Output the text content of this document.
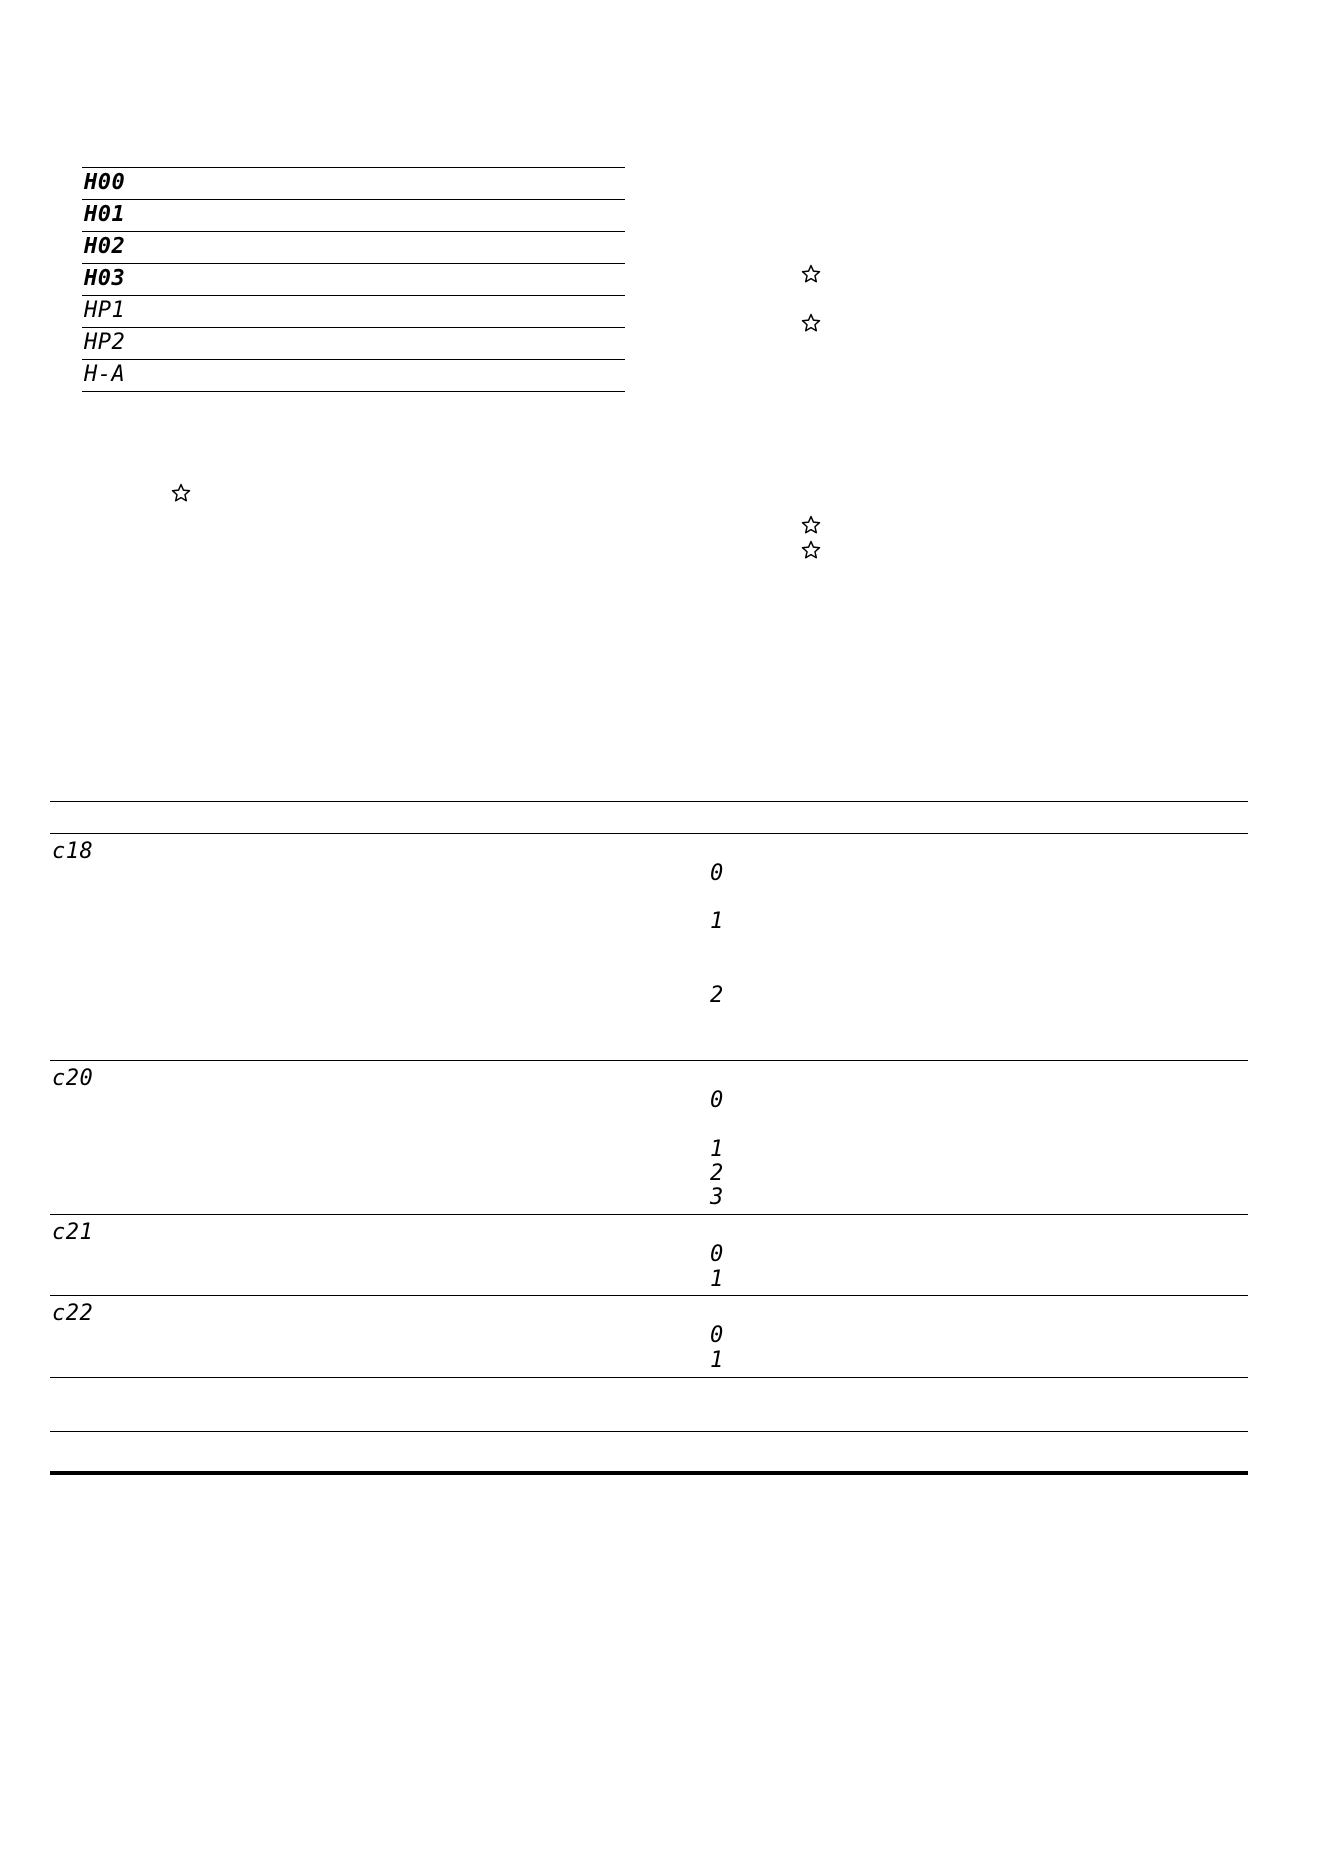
H00
H01
H02
H03
HP1
HP2
H-A
c18
0
1
2
c20
0
1
2
3
c21
0
1
c22
0
1
